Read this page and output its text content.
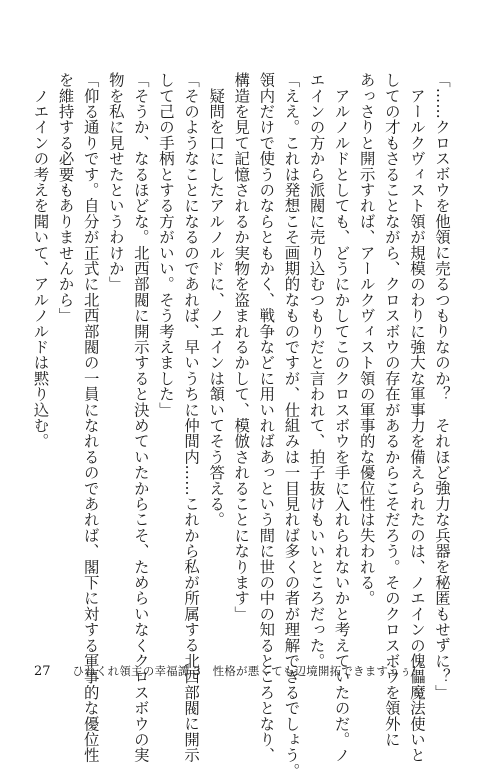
「……クロスボウを他領に売るつもりなのか？　それほど強力な兵器を秘匿もせずに？」
　アールクヴィスト領が規模のわりに強大な軍事力を備えられたのは、ノエインの傀儡魔法使いと
しての才もさることながら、クロスボウの存在があるからこそだろう。そのクロスボウを領外に
あっさりと開示すれば、アールクヴィスト領の軍事的な優位性は失われる。
　アルノルドとしても、どうにかしてこのクロスボウを手に入れられないかと考えていたのだ。ノ
エインの方から派閥に売り込むつもりだと言われて、拍子抜けもいいところだった。
「ええ。これは発想こそ画期的なものですが、仕組みは一目見れば多くの者が理解できるでしょう。
領内だけで使うのならともかく、戦争などに用いればあっという間に世の中の知るところとなり、
構造を見て記憶されるか実物を盗まれるかして、模倣されることになります」
　疑問を口にしたアルノルドに、ノエインは頷いてそう答える。
「そのようなことになるのであれば、早いうちに仲間内……これから私が所属する北西部閥に開示
して己の手柄とする方がいい。そう考えました」
「そうか、なるほどな。北西部閥に開示すると決めていたからこそ、ためらいなくクロスボウの実
物を私に見せたというわけか」
「仰る通りです。自分が正式に北西部閥の一員になれるのであれば、閣下に対する軍事的な優位性
を維持する必要もありませんから」
　ノエインの考えを聞いて、アルノルドは黙り込む。
27 ひねくれ領主の幸福譚 3　性格が悪くても辺境開拓できますうぅ！
